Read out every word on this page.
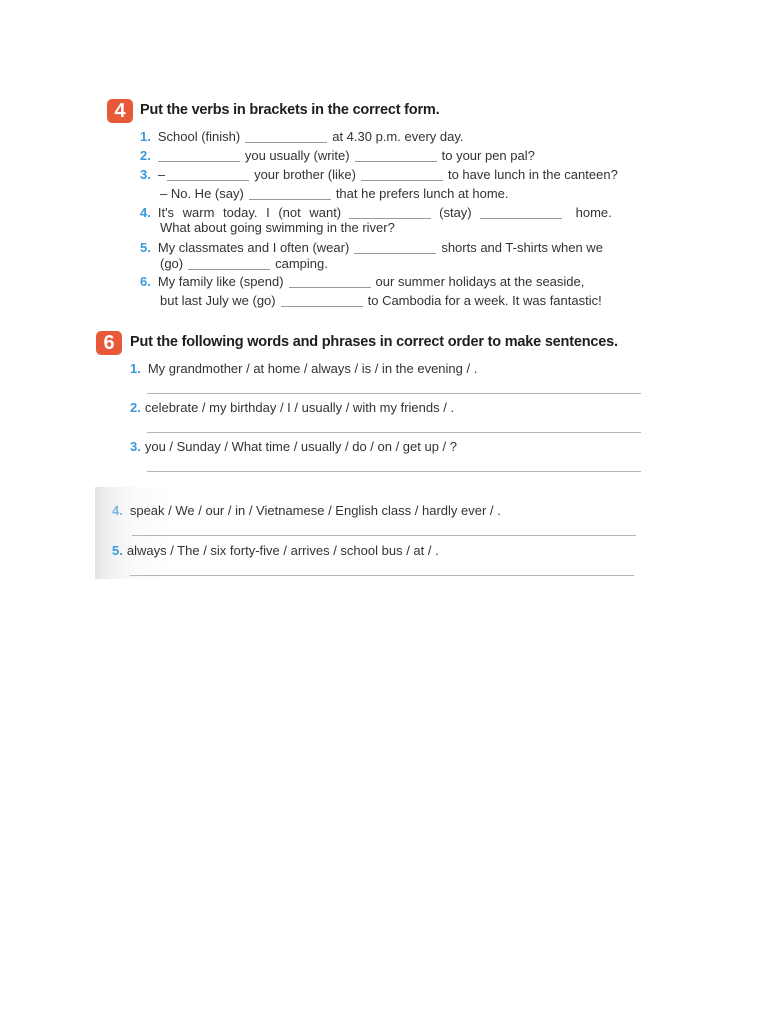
4 Put the verbs in brackets in the correct form.
1. School (finish)	at 4.30 p.m. every day.
2.	you usually (write)	to your pen pal?
3. –	your brother (like)	to have lunch in the canteen?
– No. He (say)	that he prefers lunch at home.
4. It's warm today. I (not want)	(stay)	home.
What about going swimming in the river?
5. My classmates and I often (wear)	shorts and T-shirts when we
(go)	camping.
6. My family like (spend)	our summer holidays at the seaside,
but last July we (go)	to Cambodia for a week. It was fantastic!
6	Put the following words and phrases in correct order to make sentences.
1. My grandmother / at home / always / is / in the evening / .
2. celebrate / my birthday / I / usually / with my friends / .
3. you / Sunday / What time / usually / do / on / get up / ?
4. speak / We / our / in / Vietnamese / English class / hardly ever / .
5. always / The / six forty-five / arrives / school bus / at / .
